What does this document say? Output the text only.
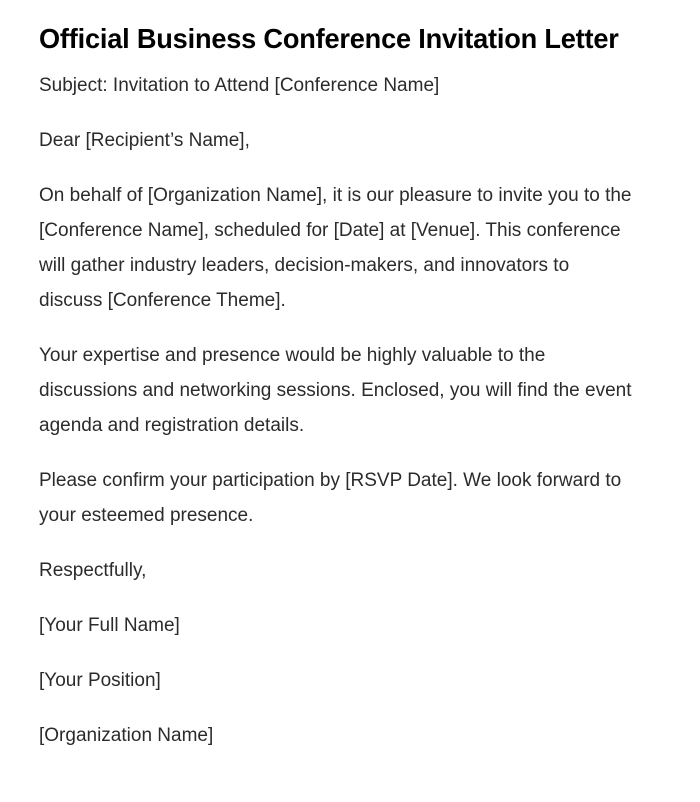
Official Business Conference Invitation Letter

Subject: Invitation to Attend [Conference Name]

Dear [Recipient’s Name],

On behalf of [Organization Name], it is our pleasure to invite you to the [Conference Name], scheduled for [Date] at [Venue]. This conference will gather industry leaders, decision-makers, and innovators to discuss [Conference Theme].

Your expertise and presence would be highly valuable to the discussions and networking sessions. Enclosed, you will find the event agenda and registration details.

Please confirm your participation by [RSVP Date]. We look forward to your esteemed presence.

Respectfully,

[Your Full Name]

[Your Position]

[Organization Name]
